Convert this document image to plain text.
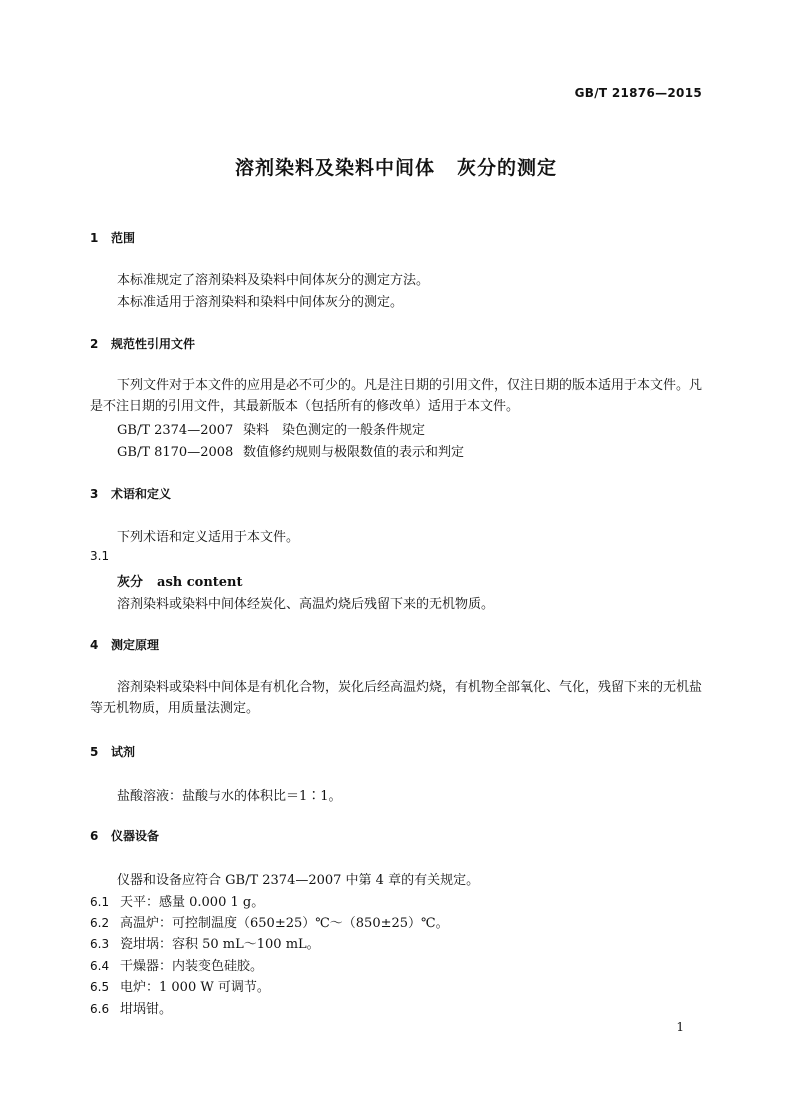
GB/T 21876—2015
溶剂染料及染料中间体 灰分的测定
1 范围
本标准规定了溶剂染料及染料中间体灰分的测定方法。
本标准适用于溶剂染料和染料中间体灰分的测定。
2 规范性引用文件
下列文件对于本文件的应用是必不可少的。凡是注日期的引用文件，仅注日期的版本适用于本文件。凡是不注日期的引用文件，其最新版本（包括所有的修改单）适用于本文件。
GB/T 2374—2007 染料　染色测定的一般条件规定
GB/T 8170—2008 数值修约规则与极限数值的表示和判定
3 术语和定义
下列术语和定义适用于本文件。
3.1
灰分 ash content
溶剂染料或染料中间体经炭化、高温灼烧后残留下来的无机物质。
4 测定原理
溶剂染料或染料中间体是有机化合物，炭化后经高温灼烧，有机物全部氧化、气化，残留下来的无机盐等无机物质，用质量法测定。
5 试剂
盐酸溶液：盐酸与水的体积比＝1∶1。
6 仪器设备
仪器和设备应符合 GB/T 2374—2007 中第 4 章的有关规定。
6.1 天平：感量 0.000 1 g。
6.2 高温炉：可控制温度（650±25）℃～（850±25）℃。
6.3 瓷坩埚：容积 50 mL～100 mL。
6.4 干燥器：内装变色硅胶。
6.5 电炉：1 000 W 可调节。
6.6 坩埚钳。
1
